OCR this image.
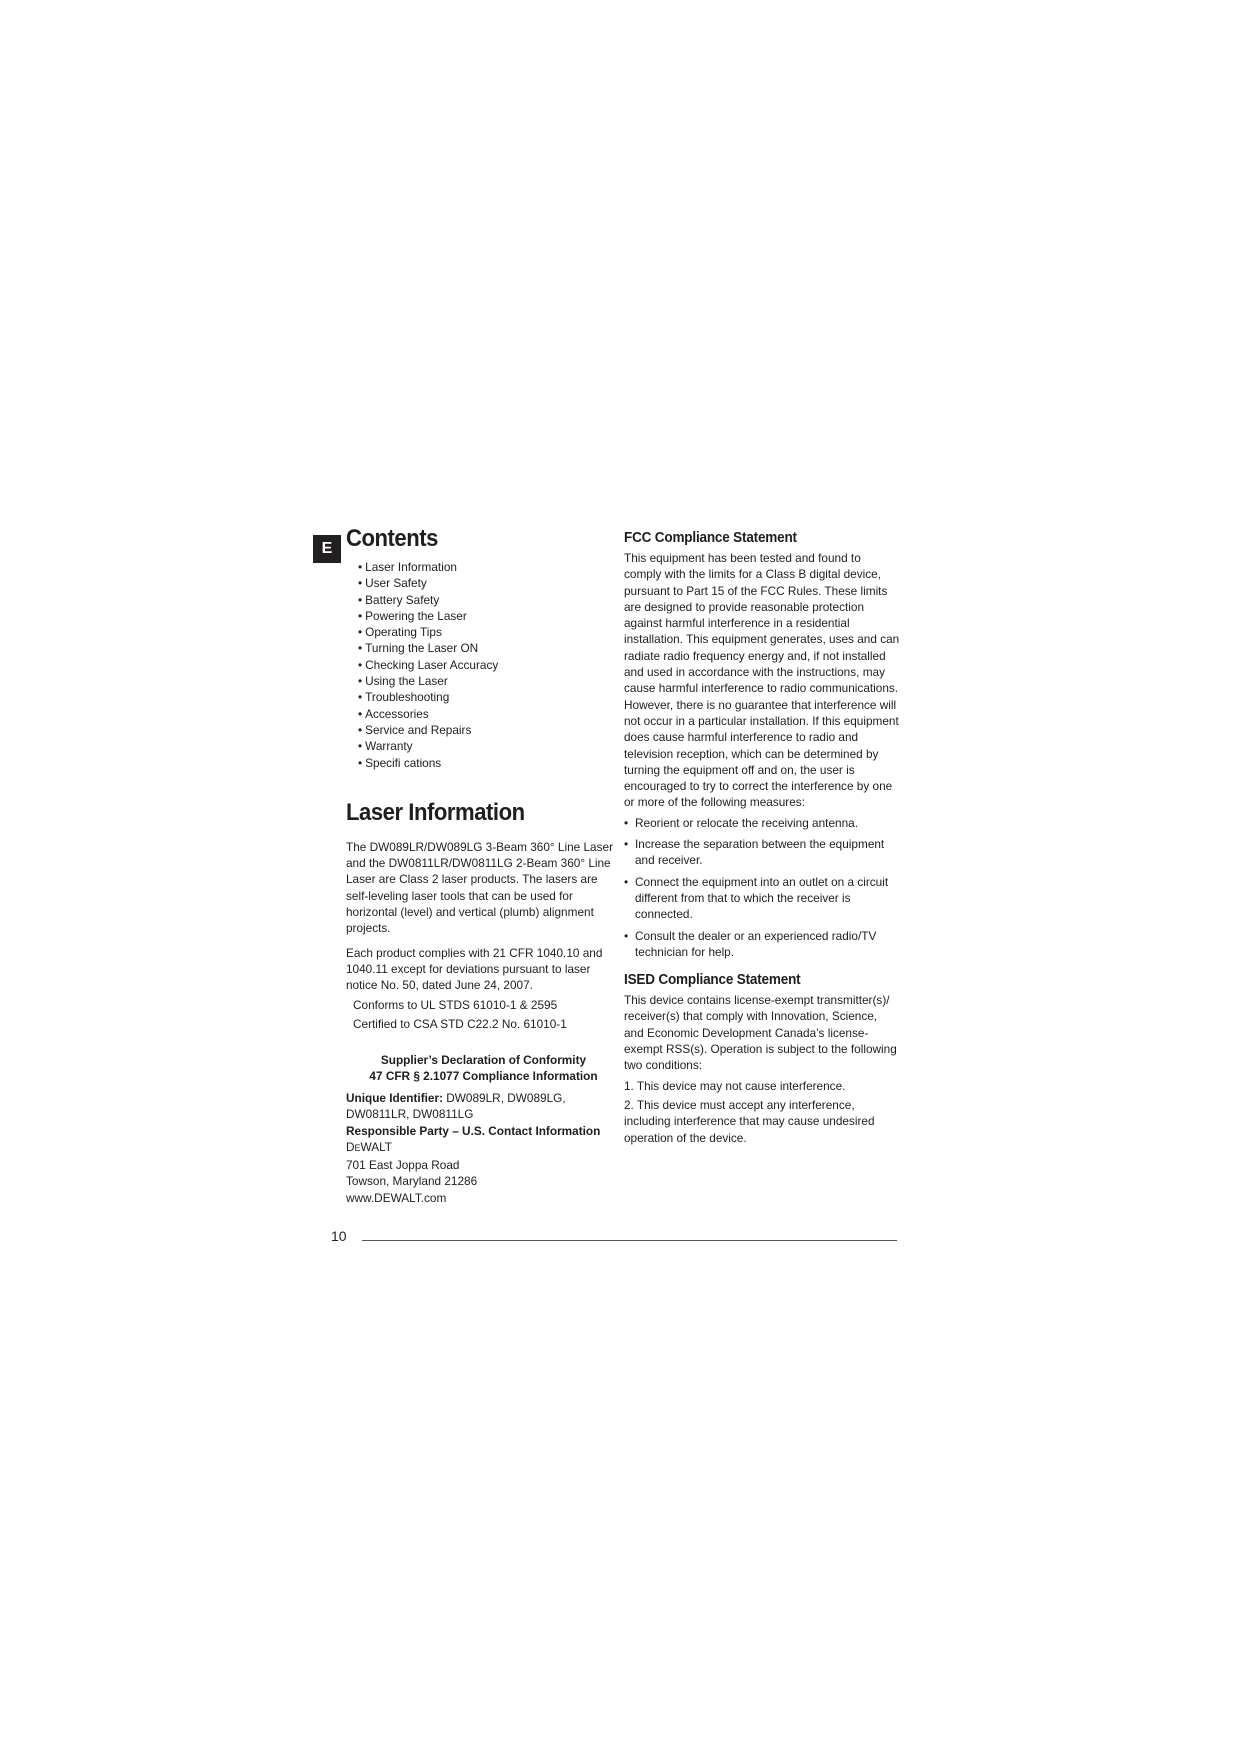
E Contents
• Laser Information
• User Safety
• Battery Safety
• Powering the Laser
• Operating Tips
• Turning the Laser ON
• Checking Laser Accuracy
• Using the Laser
• Troubleshooting
• Accessories
• Service and Repairs
• Warranty
• Specifi cations
Laser Information

The DW089LR/DW089LG 3-Beam 360° Line Laser and the DW0811LR/DW0811LG 2-Beam 360° Line Laser are Class 2 laser products. The lasers are self-leveling laser tools that can be used for horizontal (level) and vertical (plumb) alignment projects.

Each product complies with 21 CFR 1040.10 and 1040.11 except for deviations pursuant to laser notice No. 50, dated June 24, 2007.

Conforms to UL STDS 61010-1 & 2595

Certified to CSA STD C22.2 No. 61010-1

Supplier’s Declaration of Conformity
47 CFR § 2.1077 Compliance Information

Unique Identifier: DW089LR, DW089LG, DW0811LR, DW0811LG

Responsible Party – U.S. Contact Information

DEWALT
701 East Joppa Road
Towson, Maryland 21286
www.DEWALT.com
FCC Compliance Statement

This equipment has been tested and found to comply with the limits for a Class B digital device, pursuant to Part 15 of the FCC Rules. These limits are designed to provide reasonable protection against harmful interference in a residential installation. This equipment generates, uses and can radiate radio frequency energy and, if not installed and used in accordance with the instructions, may cause harmful interference to radio communications. However, there is no guarantee that interference will not occur in a particular installation. If this equipment does cause harmful interference to radio and television reception, which can be determined by turning the equipment off and on, the user is encouraged to try to correct the interference by one or more of the following measures:

• Reorient or relocate the receiving antenna.
• Increase the separation between the equipment and receiver.
• Connect the equipment into an outlet on a circuit different from that to which the receiver is connected.
• Consult the dealer or an experienced radio/TV technician for help.
ISED Compliance Statement

This device contains license-exempt transmitter(s)/ receiver(s) that comply with Innovation, Science, and Economic Development Canada’s license-exempt RSS(s). Operation is subject to the following two conditions:

1. This device may not cause interference.
2. This device must accept any interference, including interference that may cause undesired operation of the device.
10
